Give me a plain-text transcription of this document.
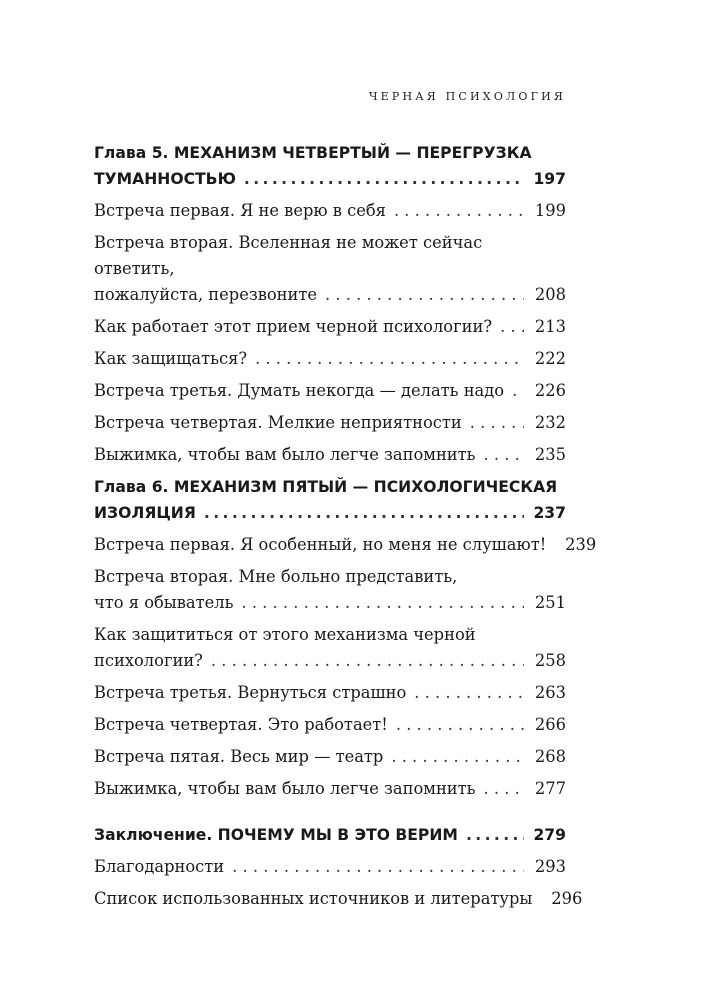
ЧЕРНАЯ ПСИХОЛОГИЯ
Глава 5. МЕХАНИЗМ ЧЕТВЕРТЫЙ — ПЕРЕГРУЗКА
ТУМАННОСТЬЮ .....	197
Встреча первая. Я не верю в себя . . .	199
Встреча вторая. Вселенная не может сейчас ответить,
пожалуйста, перезвоните . . .	208
Как работает этот прием черной психологии? . . .	213
Как защищаться? . . .	222
Встреча третья. Думать некогда — делать надо . . . 226
Встреча четвертая. Мелкие неприятности . . .	232
Выжимка, чтобы вам было легче запомнить . . .	235
Глава 6. МЕХАНИЗМ ПЯТЫЙ — ПСИХОЛОГИЧЕСКАЯ
ИЗОЛЯЦИЯ .....	237
Встреча первая. Я особенный, но меня не слушают! 239
Встреча вторая. Мне больно представить,
что я обыватель . . .	251
Как защититься от этого механизма черной
психологии? . . .	258
Встреча третья. Вернуться страшно . . .	263
Встреча четвертая. Это работает! . . .	266
Встреча пятая. Весь мир — театр . . .	268
Выжимка, чтобы вам было легче запомнить . . .	277
Заключение. ПОЧЕМУ МЫ В ЭТО ВЕРИМ .....	279
Благодарности . . .	293
Список использованных источников и литературы 296
